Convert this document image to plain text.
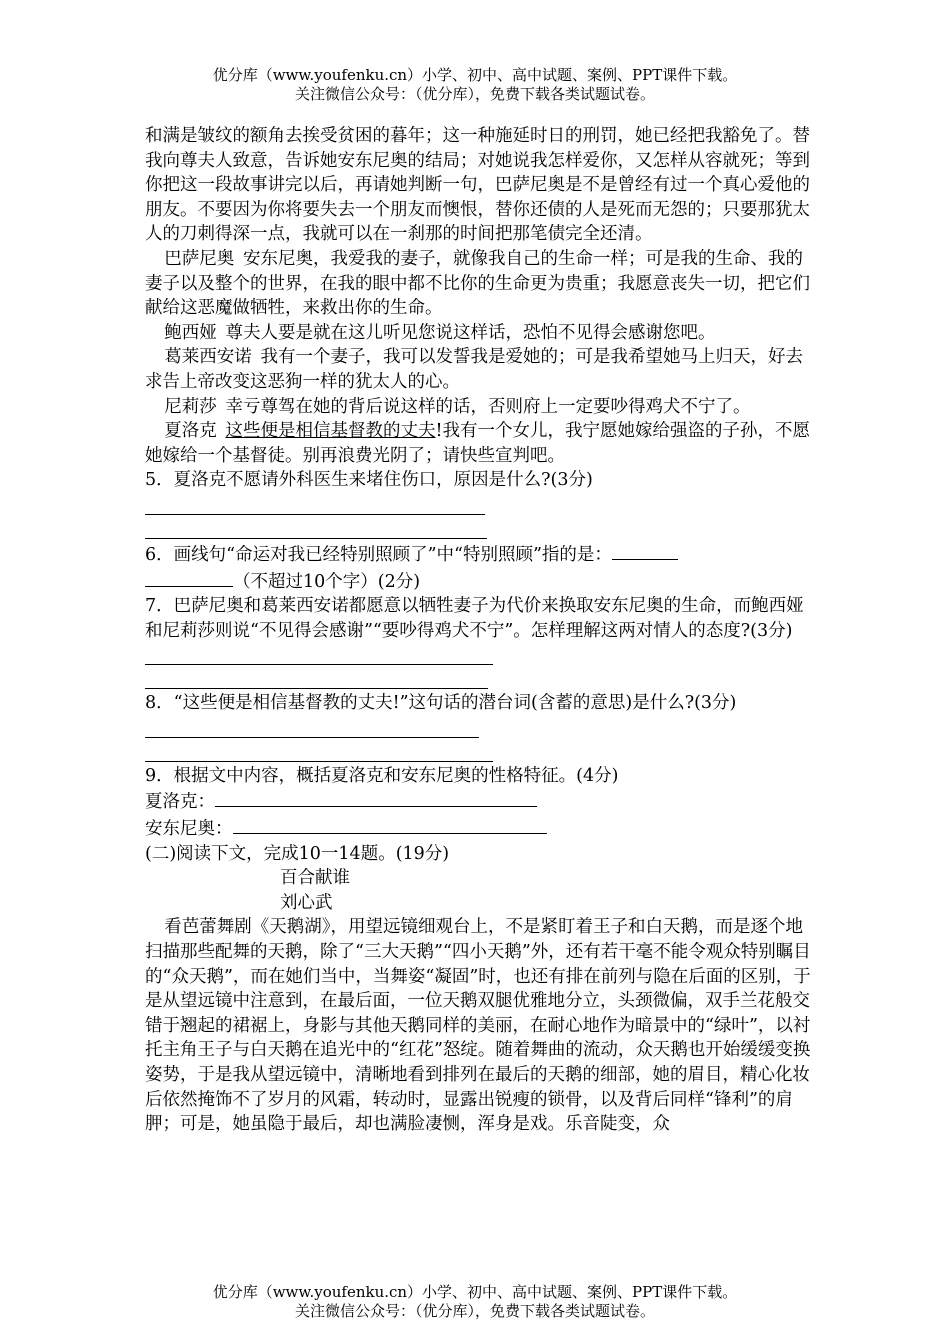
优分库（www.youfenku.cn）小学、初中、高中试题、案例、PPT课件下载。
关注微信公众号：（优分库），免费下载各类试题试卷。

和满是皱纹的额角去挨受贫困的暮年；这一种施延时日的刑罚，她已经把我豁免了。替我向尊夫人致意，告诉她安东尼奥的结局；对她说我怎样爱你，又怎样从容就死；等到你把这一段故事讲完以后，再请她判断一句，巴萨尼奥是不是曾经有过一个真心爱他的朋友。不要因为你将要失去一个朋友而懊恨，替你还债的人是死而无怨的；只要那犹太人的刀刺得深一点，我就可以在一刹那的时间把那笔债完全还清。

巴萨尼奥 安东尼奥，我爱我的妻子，就像我自己的生命一样；可是我的生命、我的妻子以及整个的世界，在我的眼中都不比你的生命更为贵重；我愿意丧失一切，把它们献给这恶魔做牺牲，来救出你的生命。

鲍西娅 尊夫人要是就在这儿听见您说这样话，恐怕不见得会感谢您吧。

葛莱西安诺 我有一个妻子，我可以发誓我是爱她的；可是我希望她马上归天，好去求告上帝改变这恶狗一样的犹太人的心。

尼莉莎 幸亏尊驾在她的背后说这样的话，否则府上一定要吵得鸡犬不宁了。

夏洛克 这些便是相信基督教的丈夫!我有一个女儿，我宁愿她嫁给强盗的子孙，不愿她嫁给一个基督徒。别再浪费光阴了；请快些宣判吧。

5．夏洛克不愿请外科医生来堵住伤口，原因是什么?(3分)

6．画线句“命运对我已经特别照顾了”中“特别照顾”指的是：

（不超过10个字）(2分)

7．巴萨尼奥和葛莱西安诺都愿意以牺牲妻子为代价来换取安东尼奥的生命，而鲍西娅和尼莉莎则说“不见得会感谢”“要吵得鸡犬不宁”。怎样理解这两对情人的态度?(3分)

8．“这些便是相信基督教的丈夫!”这句话的潜台词(含蓄的意思)是什么?(3分)

9．根据文中内容，概括夏洛克和安东尼奥的性格特征。(4分)

夏洛克：

安东尼奥：

(二)阅读下文，完成10一14题。(19分)

百合献谁

刘心武

看芭蕾舞剧《天鹅湖》，用望远镜细观台上，不是紧盯着王子和白天鹅，而是逐个地扫描那些配舞的天鹅，除了“三大天鹅”“四小天鹅”外，还有若干毫不能令观众特别瞩目的“众天鹅”，而在她们当中，当舞姿“凝固”时，也还有排在前列与隐在后面的区别，于是从望远镜中注意到，在最后面，一位天鹅双腿优雅地分立，头颈微偏，双手兰花般交错于翘起的裙裾上，身影与其他天鹅同样的美丽，在耐心地作为暗景中的“绿叶”，以衬托主角王子与白天鹅在追光中的“红花”怒绽。随着舞曲的流动，众天鹅也开始缓缓变换姿势，于是我从望远镜中，清晰地看到排列在最后的天鹅的细部，她的眉目，精心化妆后依然掩饰不了岁月的风霜，转动时，显露出锐瘦的锁骨，以及背后同样“锋利”的肩胛；可是，她虽隐于最后，却也满脸凄恻，浑身是戏。乐音陡变，众

优分库（www.youfenku.cn）小学、初中、高中试题、案例、PPT课件下载。
关注微信公众号：（优分库），免费下载各类试题试卷。
